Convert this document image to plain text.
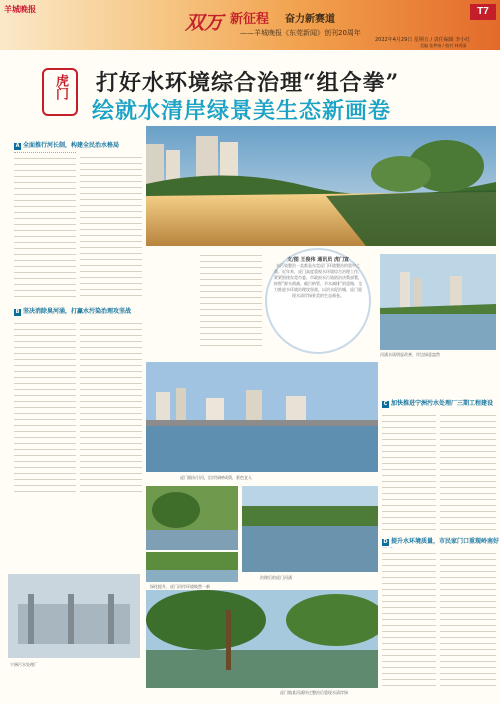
羊城晚报
双万 新征程 奋力新赛道
——羊城晚报《东莞新闻》创刊20周年
T7
2022年4月29日 星期五 / 责任编辑 李小红
美编 张梦扬 / 校对 林秀丽
虎门	打好水环境综合治理“组合拳”
绘就水清岸绿景美生态新画卷
A 全面推行河长制，构建全民治水格局
文/图 王俊伟 通讯员 虎门宣
水污染整治一直都是东莞虎门环境整治的重中之重。近年来，虎门高度重视水环境综合治理工作，紧紧围绕东莞市委、市政府水污染防治决策部署，按照“源头削减、截污纳管、节水减排”的思路，全力推进水环境治理攻坚战，以治水促治城，虎门重现水清岸绿景美的生态画卷。
河涌水质明显改善，岸边绿意盎然
B 坚决消除臭河涌，打赢水污染治理攻坚战
虎门镇东引河，沿岸绿树成荫，景色宜人
C 加快推进宁洲污水处理厂三期工程建设
治理后的虎门河涌
绿化提升，虎门河岸环境焕然一新
D 提升水环境质量，市民家门口重现岭南好
宁洲污水处理厂
虎门镇某河涌经过整治后重现水清岸绿
